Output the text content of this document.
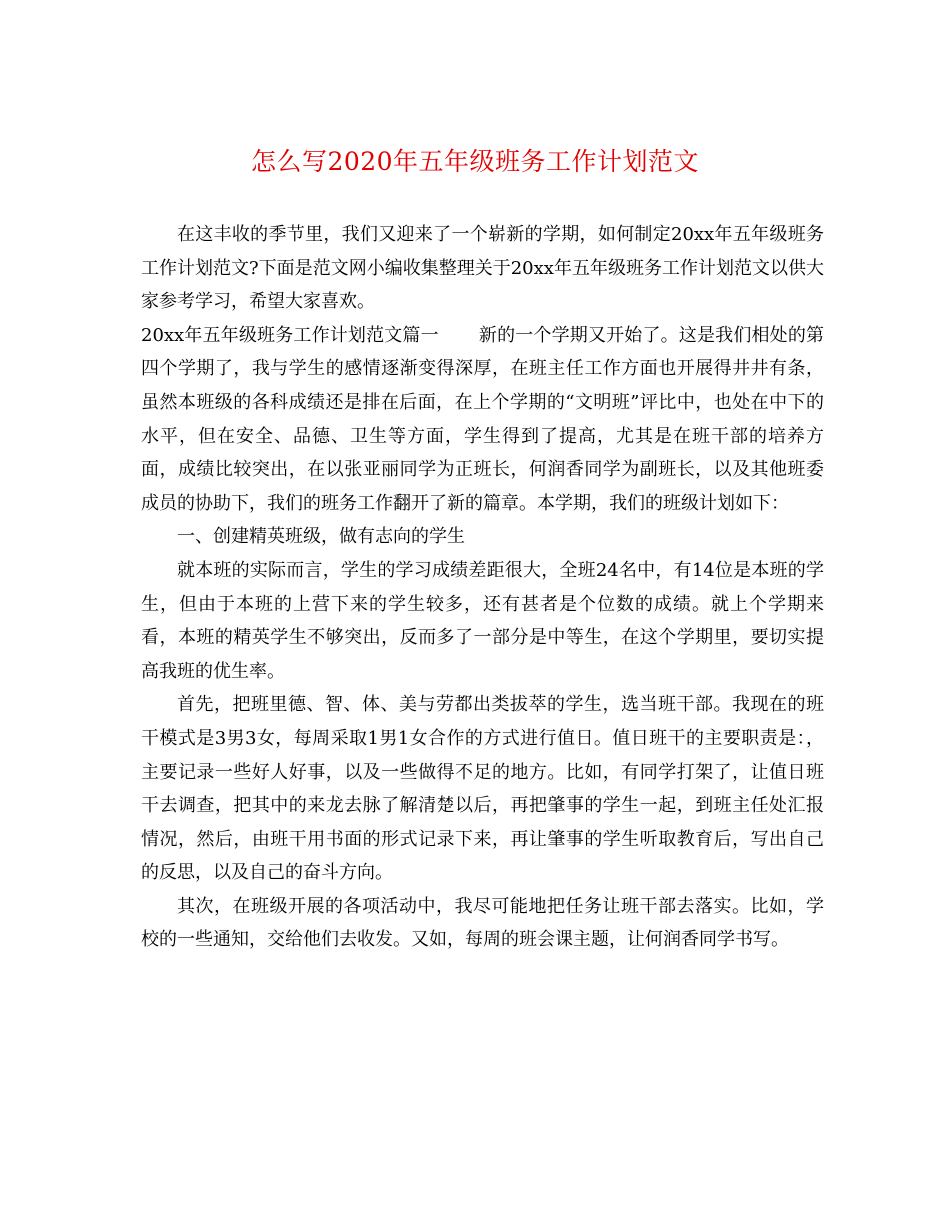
怎么写2020年五年级班务工作计划范文

在这丰收的季节里，我们又迎来了一个崭新的学期，如何制定20xx年五年级班务工作计划范文?下面是范文网小编收集整理关于20xx年五年级班务工作计划范文以供大家参考学习，希望大家喜欢。

20xx年五年级班务工作计划范文篇一 新的一个学期又开始了。这是我们相处的第四个学期了，我与学生的感情逐渐变得深厚，在班主任工作方面也开展得井井有条，虽然本班级的各科成绩还是排在后面，在上个学期的“文明班”评比中，也处在中下的水平，但在安全、品德、卫生等方面，学生得到了提高，尤其是在班干部的培养方面，成绩比较突出，在以张亚丽同学为正班长，何润香同学为副班长，以及其他班委成员的协助下，我们的班务工作翻开了新的篇章。本学期，我们的班级计划如下：

一、创建精英班级，做有志向的学生

就本班的实际而言，学生的学习成绩差距很大，全班24名中，有14位是本班的学生，但由于本班的上营下来的学生较多，还有甚者是个位数的成绩。就上个学期来看，本班的精英学生不够突出，反而多了一部分是中等生，在这个学期里，要切实提高我班的优生率。

首先，把班里德、智、体、美与劳都出类拔萃的学生，选当班干部。我现在的班干模式是3男3女，每周采取1男1女合作的方式进行值日。值日班干的主要职责是：，主要记录一些好人好事，以及一些做得不足的地方。比如，有同学打架了，让值日班干去调查，把其中的来龙去脉了解清楚以后，再把肇事的学生一起，到班主任处汇报情况，然后，由班干用书面的形式记录下来，再让肇事的学生听取教育后，写出自己的反思，以及自己的奋斗方向。

其次，在班级开展的各项活动中，我尽可能地把任务让班干部去落实。比如，学校的一些通知，交给他们去收发。又如，每周的班会课主题，让何润香同学书写。
